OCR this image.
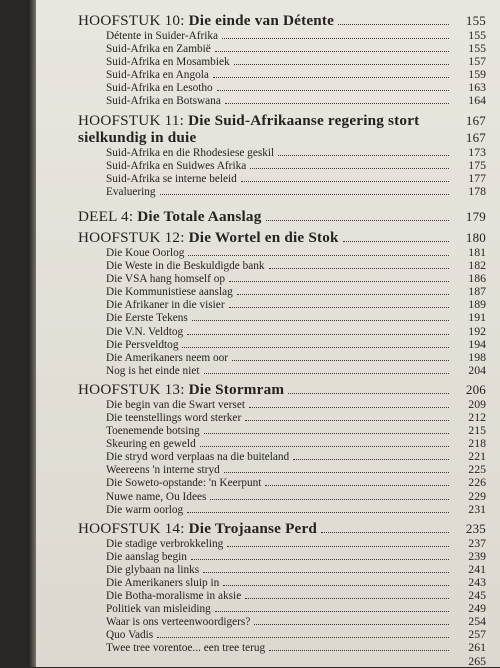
HOOFSTUK 10: Die einde van Détente	155
Détente in Suider-Afrika	155
Suid-Afrika en Zambië	155
Suid-Afrika en Mosambiek	157
Suid-Afrika en Angola	159
Suid-Afrika en Lesotho	163
Suid-Afrika en Botswana	164
HOOFSTUK 11: Die Suid-Afrikaanse regering stort	167
sielkundig in duie	167
Suid-Afrika en die Rhodesiese geskil	173
Suid-Afrika en Suidwes Afrika	175
Suid-Afrika se interne beleid	177
Evaluering	178
DEEL 4: Die Totale Aanslag	179
HOOFSTUK 12: Die Wortel en die Stok	180
Die Koue Oorlog	181
Die Weste in die Beskuldigde bank	182
Die VSA hang homself op	186
Die Kommunistiese aanslag	187
Die Afrikaner in die visier	189
Die Eerste Tekens	191
Die V.N. Veldtog	192
Die Persveldtog	194
Die Amerikaners neem oor	198
Nog is het einde niet	204
HOOFSTUK 13: Die Stormram	206
Die begin van die Swart verset	209
Die teenstellings word sterker	212
Toenemende botsing	215
Skeuring en geweld	218
Die stryd word verplaas na die buiteland	221
Weereens 'n interne stryd	225
Die Soweto-opstande: 'n Keerpunt	226
Nuwe name, Ou Idees	229
Die warm oorlog	231
HOOFSTUK 14: Die Trojaanse Perd	235
Die stadige verbrokkeling	237
Die aanslag begin	239
Die glybaan na links	241
Die Amerikaners sluip in	243
Die Botha-moralisme in aksie	245
Politiek van misleiding	249
Waar is ons verteenwoordigers?	254
Quo Vadis	257
Twee tree vorentoe... een tree terug	261
265
